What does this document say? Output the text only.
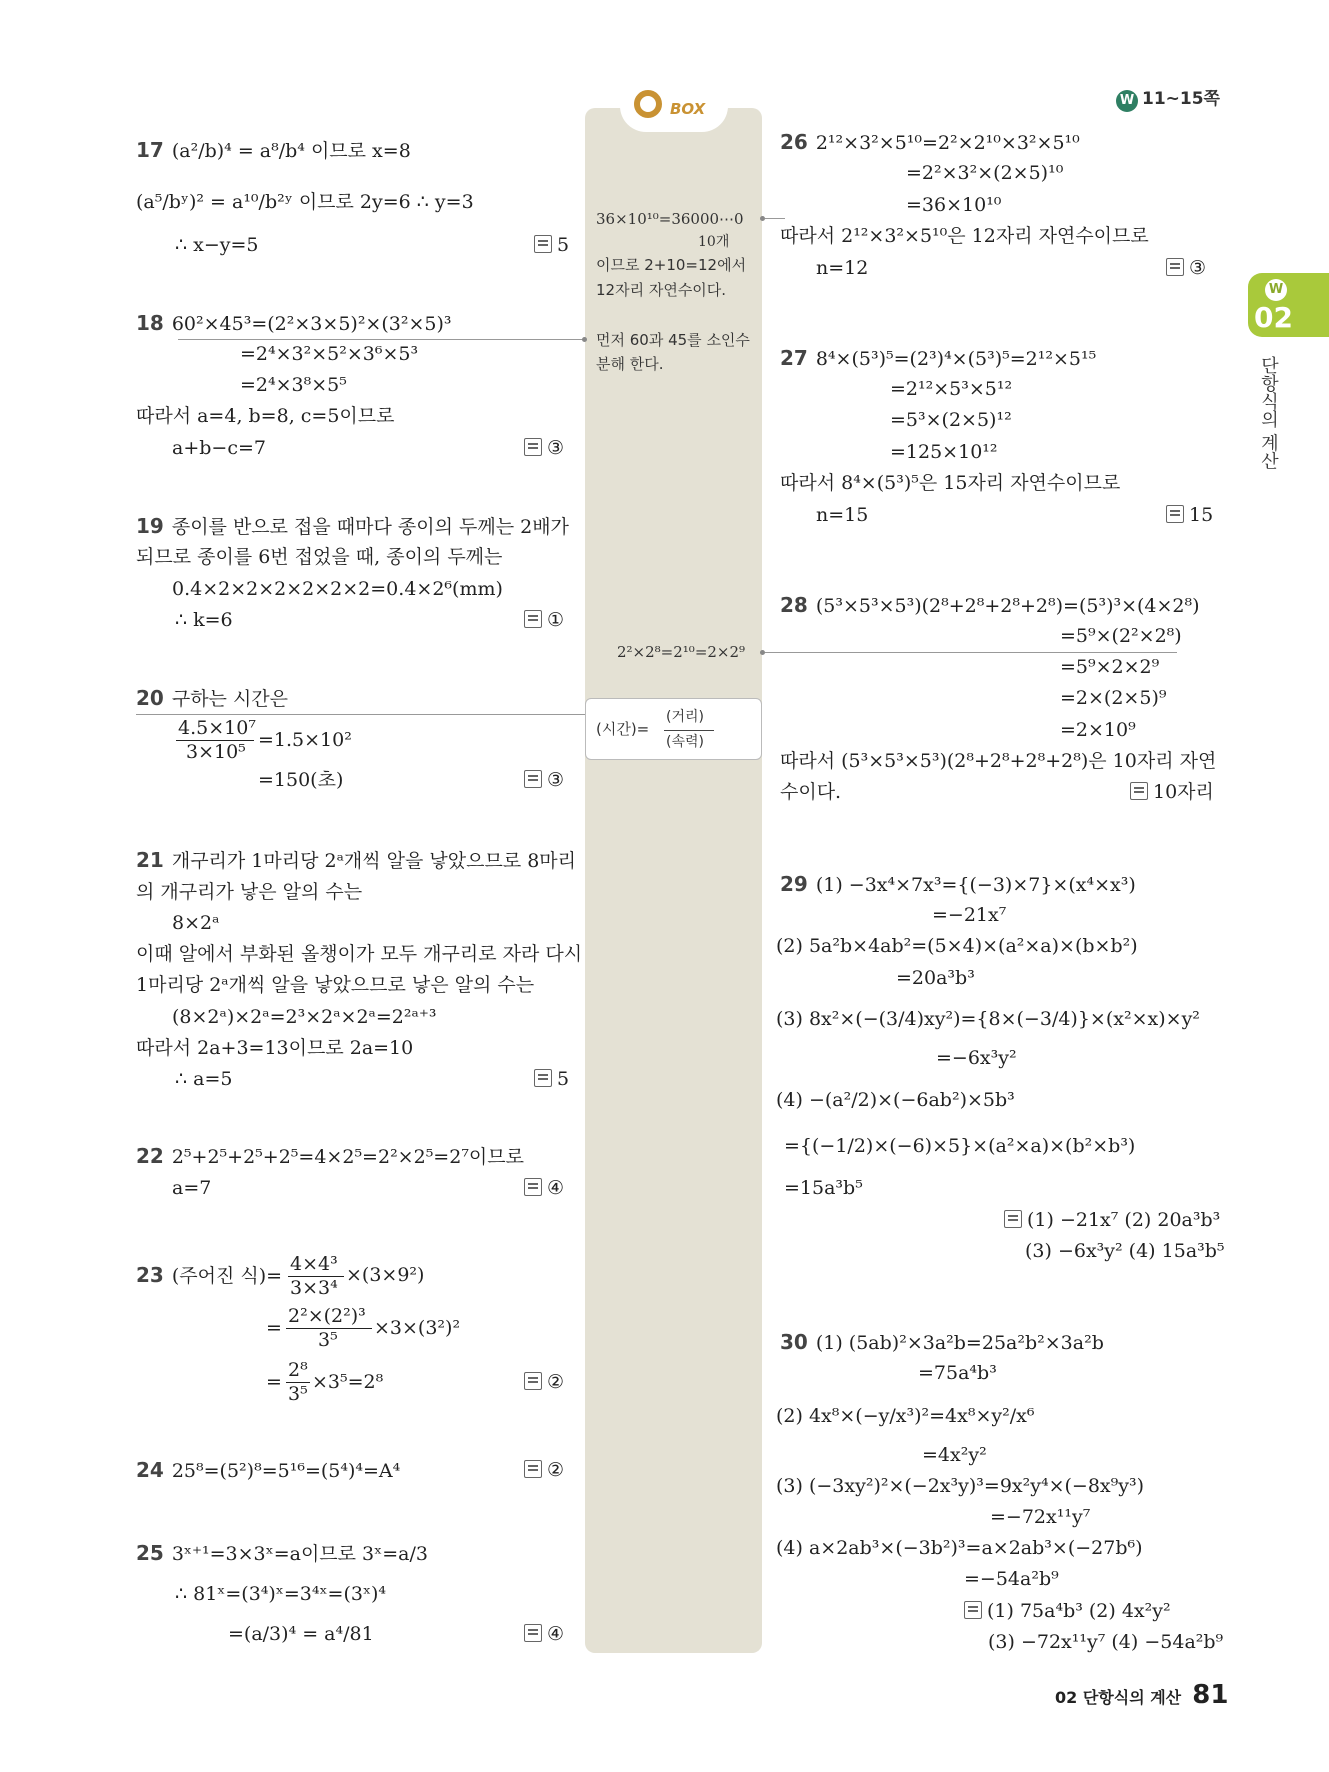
W 11~15쪽
W
02
단항식의 계산
BOX
36×10¹⁰=36000⋯0
10개
이므로 2+10=12에서
12자리 자연수이다.
먼저 60과 45를 소인수
분해 한다.
2²×2⁸=2¹⁰=2×2⁹
(시간)=
(거리)
(속력)
17 (a²/b)⁴ = a⁸/b⁴ 이므로 x=8
(a⁵/bʸ)² = a¹⁰/b²ʸ 이므로 2y=6 ∴ y=3
∴ x−y=5	5
18 60²×45³=(2²×3×5)²×(3²×5)³
=2⁴×3²×5²×3⁶×5³
=2⁴×3⁸×5⁵
따라서 a=4, b=8, c=5이므로
a+b−c=7	③
19 종이를 반으로 접을 때마다 종이의 두께는 2배가
되므로 종이를 6번 접었을 때, 종이의 두께는
0.4×2×2×2×2×2×2=0.4×2⁶(mm)
∴ k=6	①
20 구하는 시간은
4.5×10⁷
3×10⁵
=1.5×10²
=150(초)	③
21 개구리가 1마리당 2ᵃ개씩 알을 낳았으므로 8마리
의 개구리가 낳은 알의 수는
8×2ᵃ
이때 알에서 부화된 올챙이가 모두 개구리로 자라 다시
1마리당 2ᵃ개씩 알을 낳았으므로 낳은 알의 수는
(8×2ᵃ)×2ᵃ=2³×2ᵃ×2ᵃ=2²ᵃ⁺³
따라서 2a+3=13이므로 2a=10
∴ a=5	5
22 2⁵+2⁵+2⁵+2⁵=4×2⁵=2²×2⁵=2⁷이므로
a=7	④
23 (주어진 식)=
4×4³
3×3⁴
×(3×9²)
=
2²×(2²)³
3⁵
×3×(3²)²
=
2⁸
3⁵
×3⁵=2⁸	②
24 25⁸=(5²)⁸=5¹⁶=(5⁴)⁴=A⁴	②
25 3ˣ⁺¹=3×3ˣ=a이므로 3ˣ=a/3
∴ 81ˣ=(3⁴)ˣ=3⁴ˣ=(3ˣ)⁴
=(a/3)⁴ = a⁴/81	④
26 2¹²×3²×5¹⁰=2²×2¹⁰×3²×5¹⁰
=2²×3²×(2×5)¹⁰
=36×10¹⁰
따라서 2¹²×3²×5¹⁰은 12자리 자연수이므로
n=12	③
27 8⁴×(5³)⁵=(2³)⁴×(5³)⁵=2¹²×5¹⁵
=2¹²×5³×5¹²
=5³×(2×5)¹²
=125×10¹²
따라서 8⁴×(5³)⁵은 15자리 자연수이므로
n=15	15
28 (5³×5³×5³)(2⁸+2⁸+2⁸+2⁸)=(5³)³×(4×2⁸)
=5⁹×(2²×2⁸)
=5⁹×2×2⁹
=2×(2×5)⁹
=2×10⁹
따라서 (5³×5³×5³)(2⁸+2⁸+2⁸+2⁸)은 10자리 자연
수이다.	10자리
29 (1) −3x⁴×7x³={(−3)×7}×(x⁴×x³)
=−21x⁷
(2) 5a²b×4ab²=(5×4)×(a²×a)×(b×b²)
=20a³b³
(3) 8x²×(−(3/4)xy²)={8×(−3/4)}×(x²×x)×y²
=−6x³y²
(4) −(a²/2)×(−6ab²)×5b³
={(−1/2)×(−6)×5}×(a²×a)×(b²×b³)
=15a³b⁵
(1) −21x⁷ (2) 20a³b³
(3) −6x³y² (4) 15a³b⁵
30 (1) (5ab)²×3a²b=25a²b²×3a²b
=75a⁴b³
(2) 4x⁸×(−y/x³)²=4x⁸×y²/x⁶
=4x²y²
(3) (−3xy²)²×(−2x³y)³=9x²y⁴×(−8x⁹y³)
=−72x¹¹y⁷
(4) a×2ab³×(−3b²)³=a×2ab³×(−27b⁶)
=−54a²b⁹
(1) 75a⁴b³ (2) 4x²y²
(3) −72x¹¹y⁷ (4) −54a²b⁹
02 단항식의 계산 81
